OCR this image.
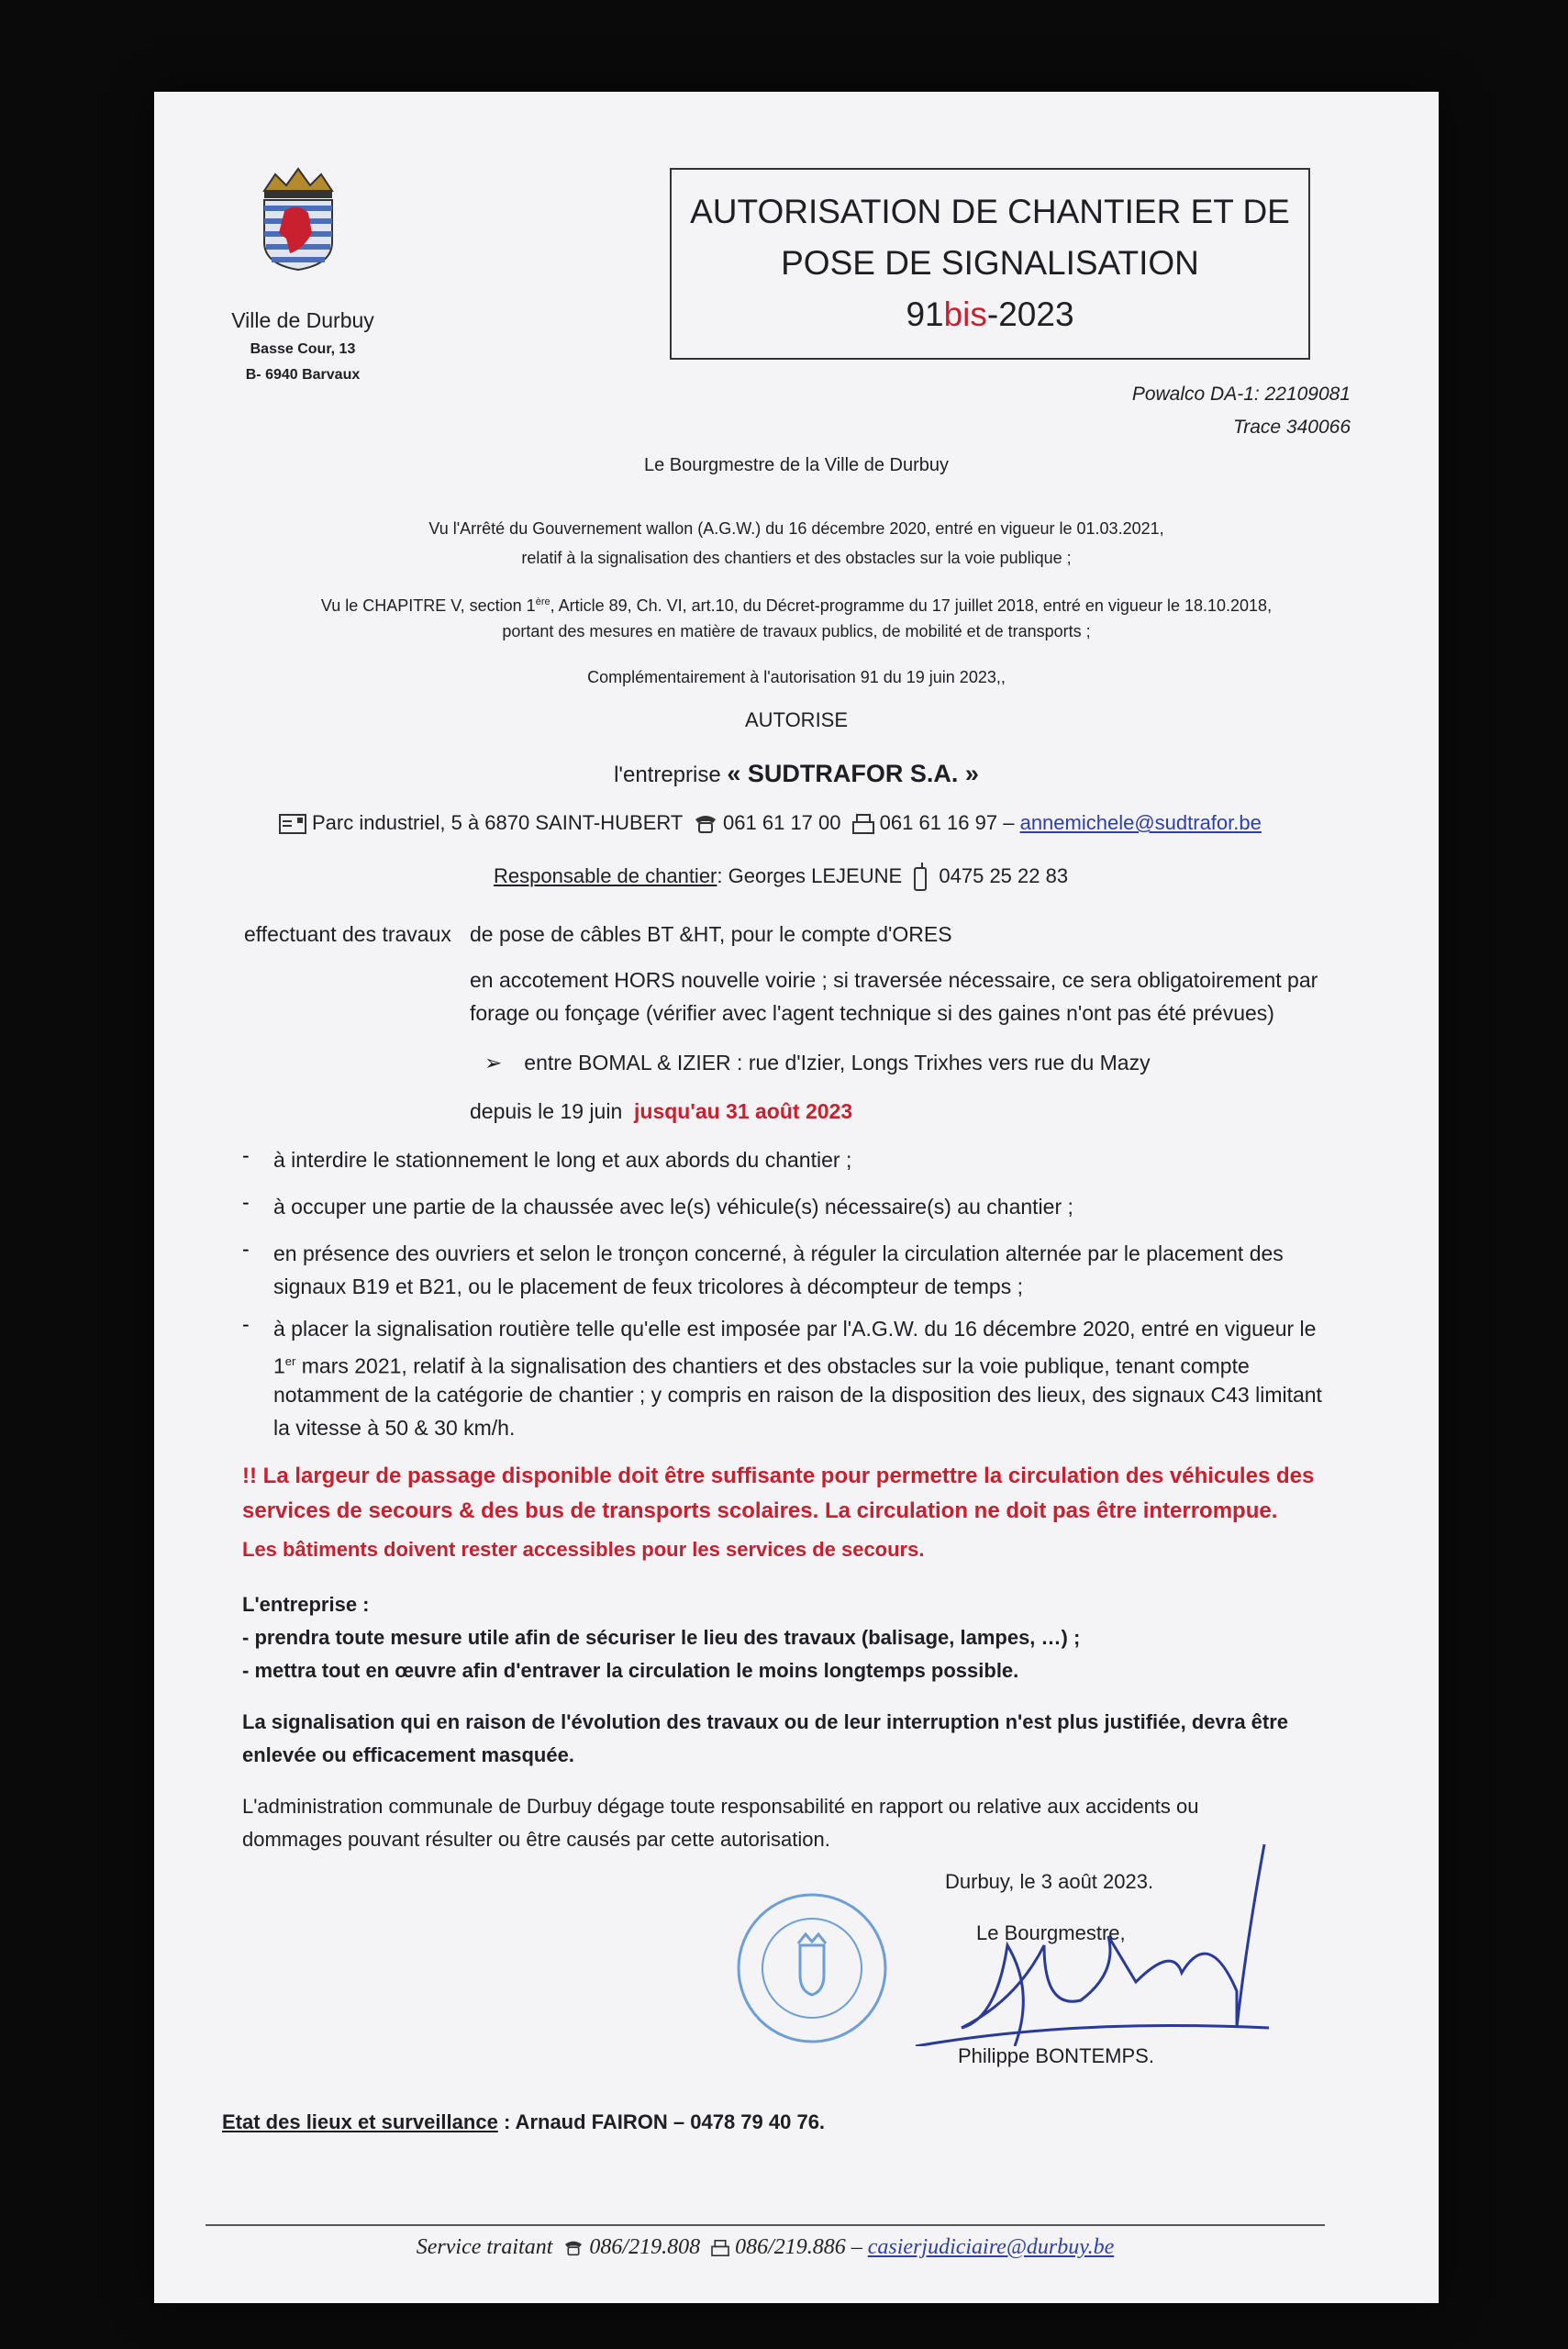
Ville de Durbuy
Basse Cour, 13
B- 6940 Barvaux
AUTORISATION DE CHANTIER ET DE
POSE DE SIGNALISATION
91bis-2023
Powalco DA-1: 22109081
Trace 340066
Le Bourgmestre de la Ville de Durbuy
Vu l'Arrêté du Gouvernement wallon (A.G.W.) du 16 décembre 2020, entré en vigueur le 01.03.2021,
relatif à la signalisation des chantiers et des obstacles sur la voie publique ;
Vu le CHAPITRE V, section 1ère, Article 89, Ch. VI, art.10, du Décret-programme du 17 juillet 2018, entré en vigueur le 18.10.2018,
portant des mesures en matière de travaux publics, de mobilité et de transports ;
Complémentairement à l'autorisation 91 du 19 juin 2023,,
AUTORISE
l'entreprise « SUDTRAFOR S.A. »
Parc industriel, 5 à 6870 SAINT-HUBERT 061 61 17 00 061 61 16 97 – annemichele@sudtrafor.be
Responsable de chantier: Georges LEJEUNE 0475 25 22 83
effectuant des travaux de pose de câbles BT &HT, pour le compte d'ORES
en accotement HORS nouvelle voirie ; si traversée nécessaire, ce sera obligatoirement par
forage ou fonçage (vérifier avec l'agent technique si des gaines n'ont pas été prévues)
➢ entre BOMAL & IZIER : rue d'Izier, Longs Trixhes vers rue du Mazy
depuis le 19 juin jusqu'au 31 août 2023
- à interdire le stationnement le long et aux abords du chantier ;
- à occuper une partie de la chaussée avec le(s) véhicule(s) nécessaire(s) au chantier ;
- en présence des ouvriers et selon le tronçon concerné, à réguler la circulation alternée par le placement des
signaux B19 et B21, ou le placement de feux tricolores à décompteur de temps ;
- à placer la signalisation routière telle qu'elle est imposée par l'A.G.W. du 16 décembre 2020, entré en vigueur le
1er mars 2021, relatif à la signalisation des chantiers et des obstacles sur la voie publique, tenant compte
notamment de la catégorie de chantier ; y compris en raison de la disposition des lieux, des signaux C43 limitant
la vitesse à 50 & 30 km/h.
!! La largeur de passage disponible doit être suffisante pour permettre la circulation des véhicules des
services de secours & des bus de transports scolaires. La circulation ne doit pas être interrompue.
Les bâtiments doivent rester accessibles pour les services de secours.
L'entreprise :
- prendra toute mesure utile afin de sécuriser le lieu des travaux (balisage, lampes, …) ;
- mettra tout en œuvre afin d'entraver la circulation le moins longtemps possible.
La signalisation qui en raison de l'évolution des travaux ou de leur interruption n'est plus justifiée, devra être
enlevée ou efficacement masquée.
L'administration communale de Durbuy dégage toute responsabilité en rapport ou relative aux accidents ou
dommages pouvant résulter ou être causés par cette autorisation.
Durbuy, le 3 août 2023.
Le Bourgmestre,
Philippe BONTEMPS.
Etat des lieux et surveillance : Arnaud FAIRON – 0478 79 40 76.
Service traitant 086/219.808 086/219.886 – casierjudiciaire@durbuy.be
